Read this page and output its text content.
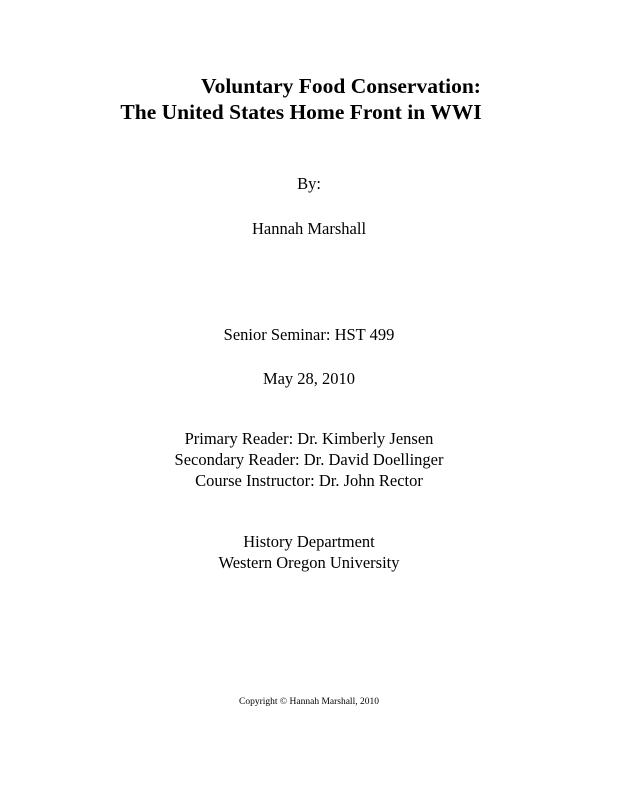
Voluntary Food Conservation:
The United States Home Front in WWI
By:
Hannah Marshall
Senior Seminar: HST 499
May 28, 2010
Primary Reader: Dr. Kimberly Jensen
Secondary Reader: Dr. David Doellinger
Course Instructor: Dr. John Rector
History Department
Western Oregon University
Copyright © Hannah Marshall, 2010
